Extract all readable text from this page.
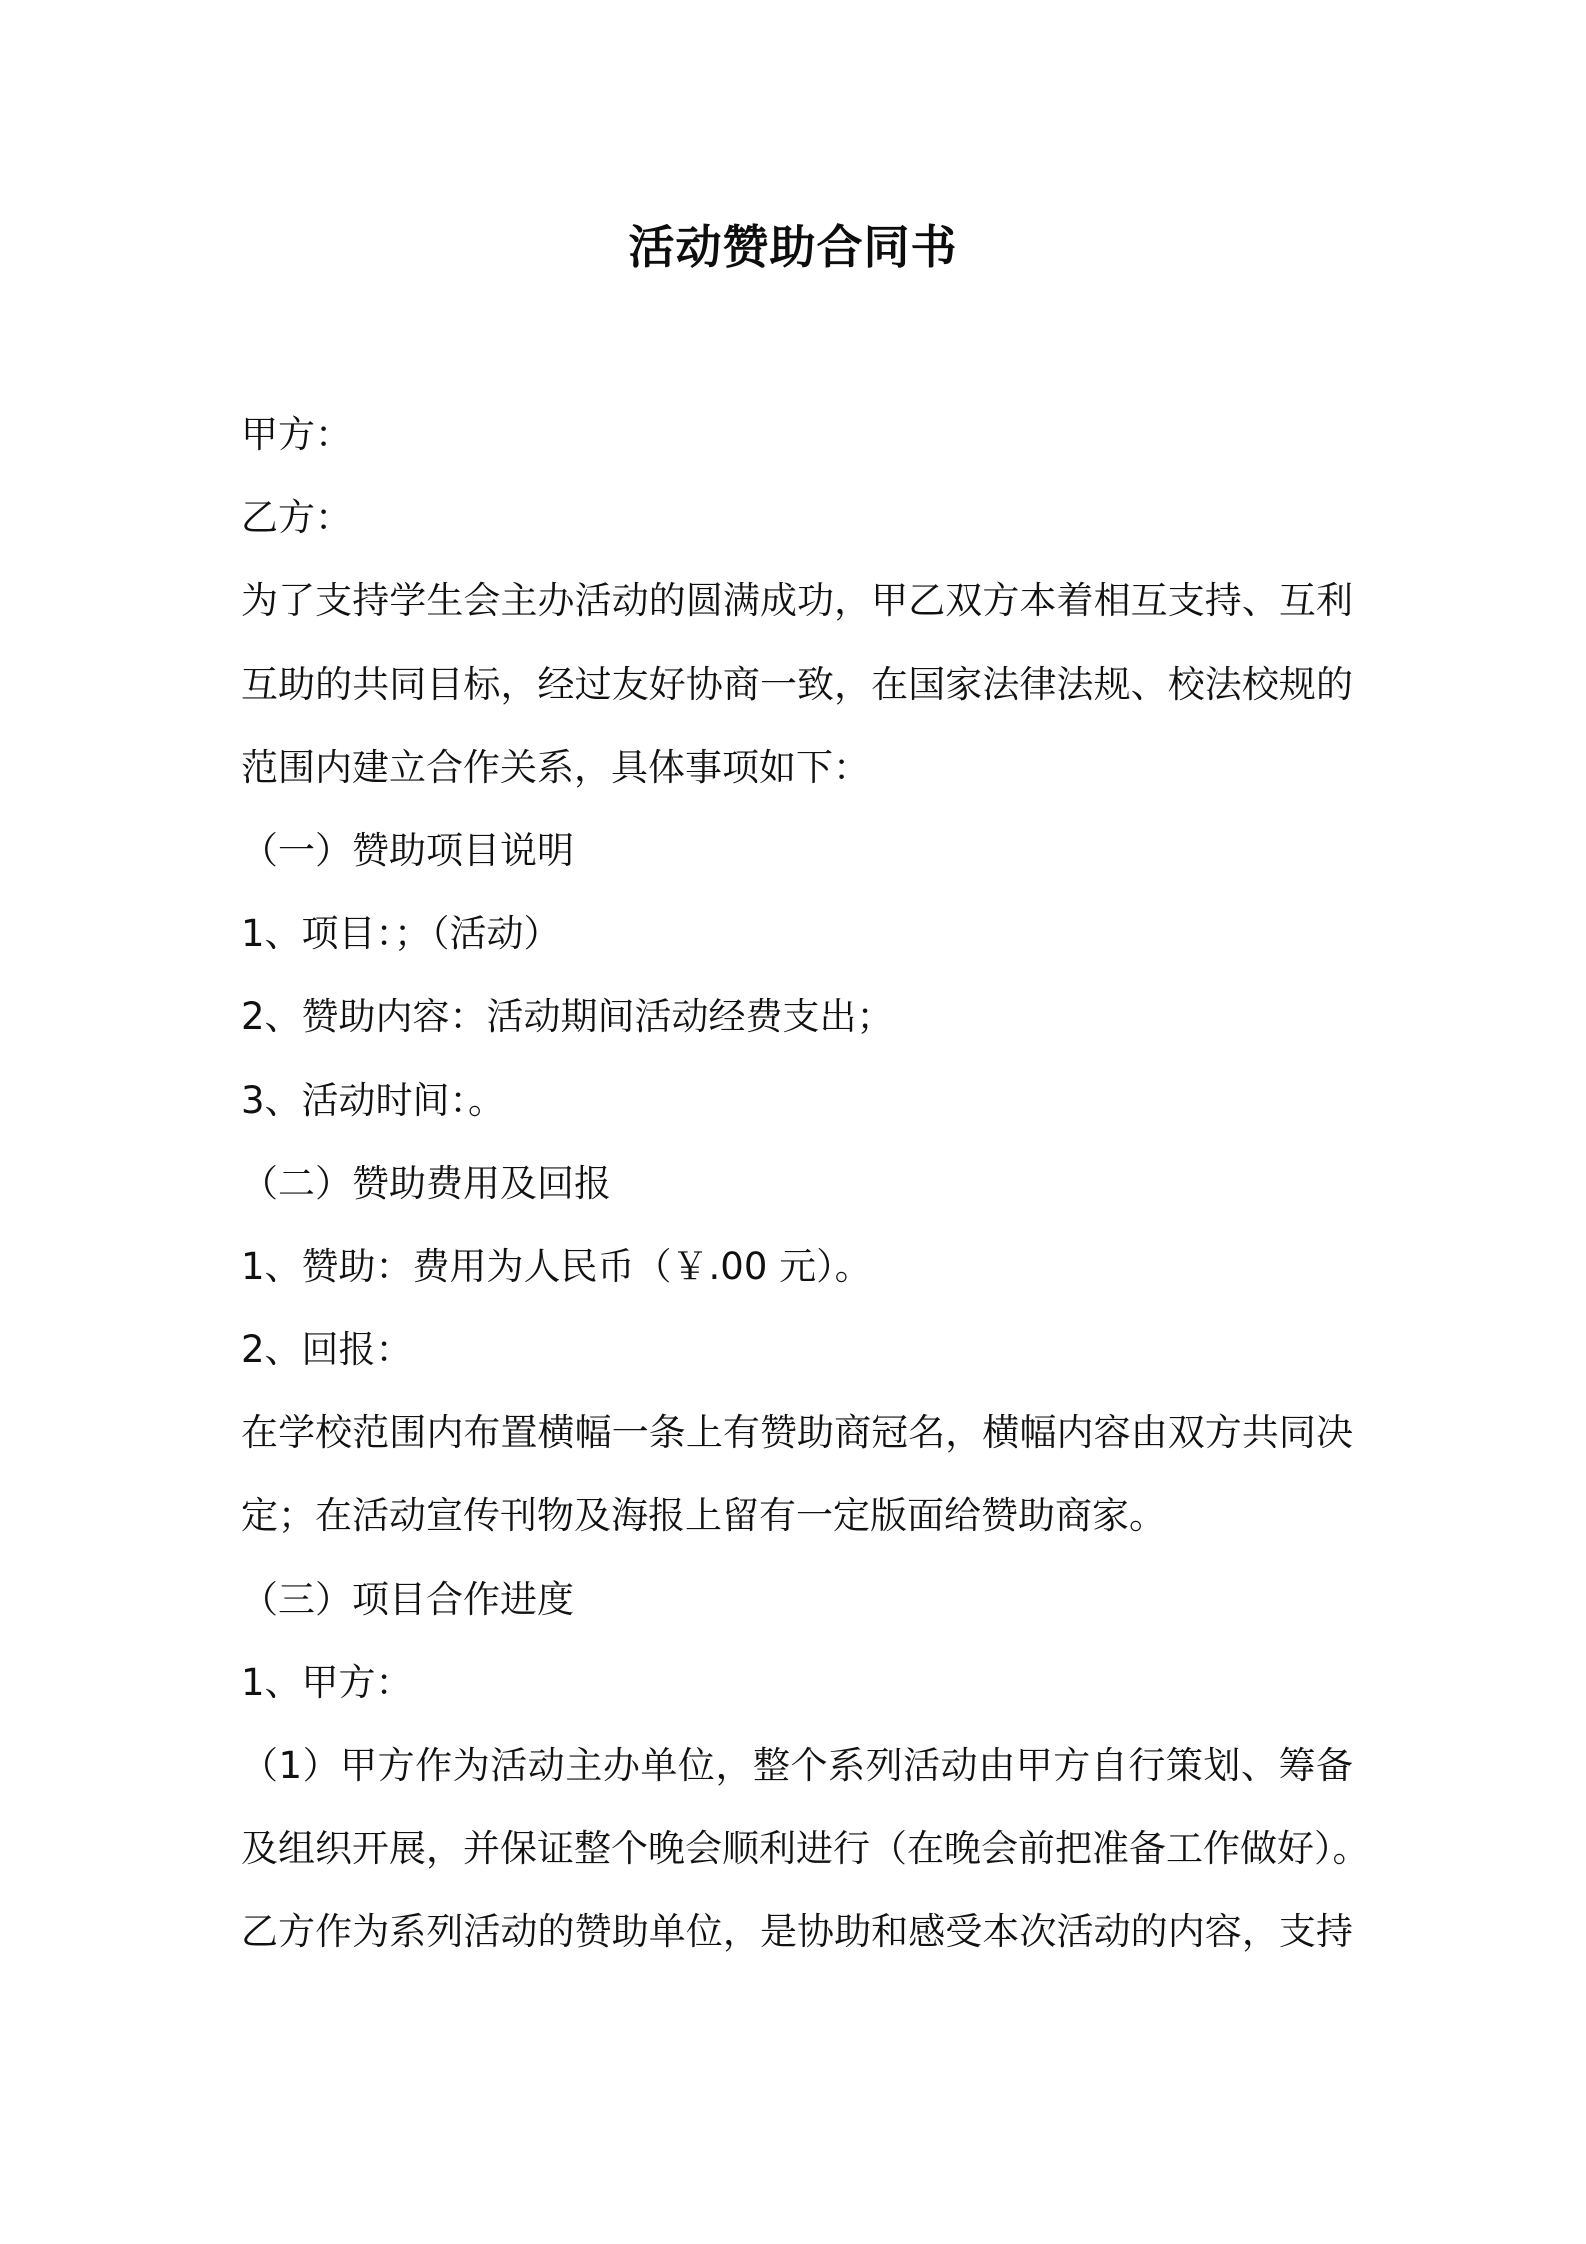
活动赞助合同书
甲方：
乙方：
为了支持学生会主办活动的圆满成功，甲乙双方本着相互支持、互利
互助的共同目标，经过友好协商一致，在国家法律法规、校法校规的
范围内建立合作关系，具体事项如下：
（一）赞助项目说明
1、项目：；（活动）
2、赞助内容：活动期间活动经费支出；
3、活动时间：。
（二）赞助费用及回报
1、赞助：费用为人民币（￥.00 元）。
2、回报：
在学校范围内布置横幅一条上有赞助商冠名，横幅内容由双方共同决
定；在活动宣传刊物及海报上留有一定版面给赞助商家。
（三）项目合作进度
1、甲方：
（1）甲方作为活动主办单位，整个系列活动由甲方自行策划、筹备
及组织开展，并保证整个晚会顺利进行（在晚会前把准备工作做好）。
乙方作为系列活动的赞助单位，是协助和感受本次活动的内容，支持
